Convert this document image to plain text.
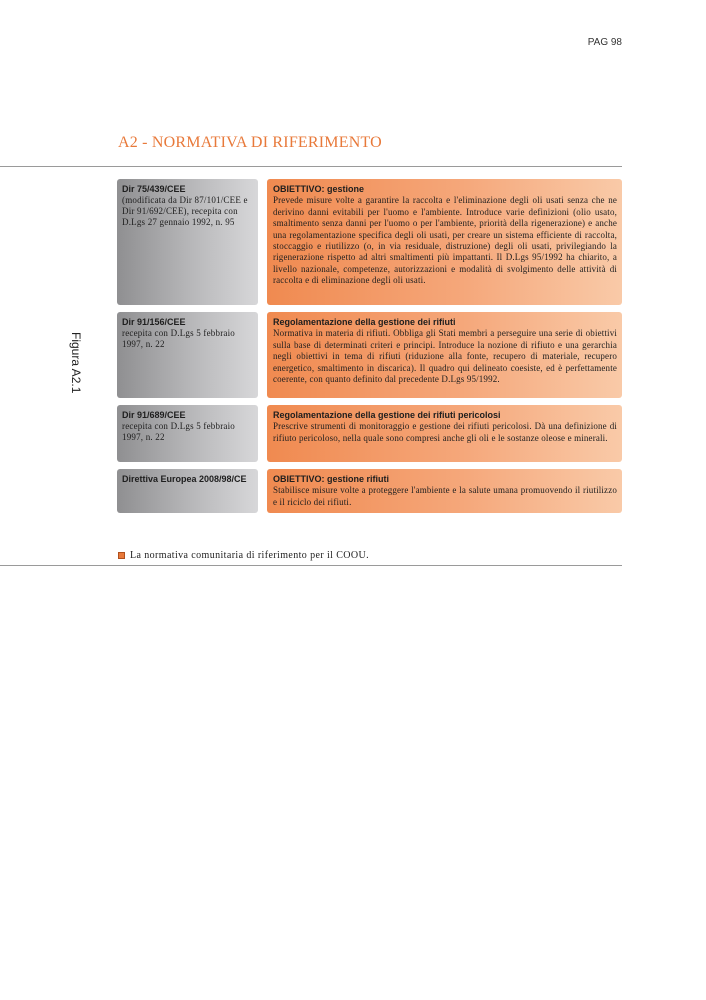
PAG 98
A2 - NORMATIVA DI RIFERIMENTO
Figura A2.1
Dir 75/439/CEE
(modificata da Dir 87/101/CEE e Dir 91/692/CEE), recepita con D.Lgs 27 gennaio 1992, n. 95
OBIETTIVO: gestione
Prevede misure volte a garantire la raccolta e l'eliminazione degli oli usati senza che ne derivino danni evitabili per l'uomo e l'ambiente. Introduce varie definizioni (olio usato, smaltimento senza danni per l'uomo o per l'ambiente, priorità della rigenerazione) e anche una regolamentazione specifica degli oli usati, per creare un sistema efficiente di raccolta, stoccaggio e riutilizzo (o, in via residuale, distruzione) degli oli usati, privilegiando la rigenerazione rispetto ad altri smaltimenti più impattanti. Il D.Lgs 95/1992 ha chiarito, a livello nazionale, competenze, autorizzazioni e modalità di svolgimento delle attività di raccolta e di eliminazione degli oli usati.
Dir 91/156/CEE
recepita con D.Lgs 5 febbraio 1997, n. 22
Regolamentazione della gestione dei rifiuti
Normativa in materia di rifiuti. Obbliga gli Stati membri a perseguire una serie di obiettivi sulla base di determinati criteri e principi. Introduce la nozione di rifiuto e una gerarchia negli obiettivi in tema di rifiuti (riduzione alla fonte, recupero di materiale, recupero energetico, smaltimento in discarica). Il quadro qui delineato coesiste, ed è perfettamente coerente, con quanto definito dal precedente D.Lgs 95/1992.
Dir 91/689/CEE
recepita con D.Lgs 5 febbraio 1997, n. 22
Regolamentazione della gestione dei rifiuti pericolosi
Prescrive strumenti di monitoraggio e gestione dei rifiuti pericolosi. Dà una definizione di rifiuto pericoloso, nella quale sono compresi anche gli oli e le sostanze oleose e minerali.
Direttiva Europea 2008/98/CE	OBIETTIVO: gestione rifiuti
Stabilisce misure volte a proteggere l'ambiente e la salute umana promuovendo il riutilizzo e il riciclo dei rifiuti.
La normativa comunitaria di riferimento per il COOU.
